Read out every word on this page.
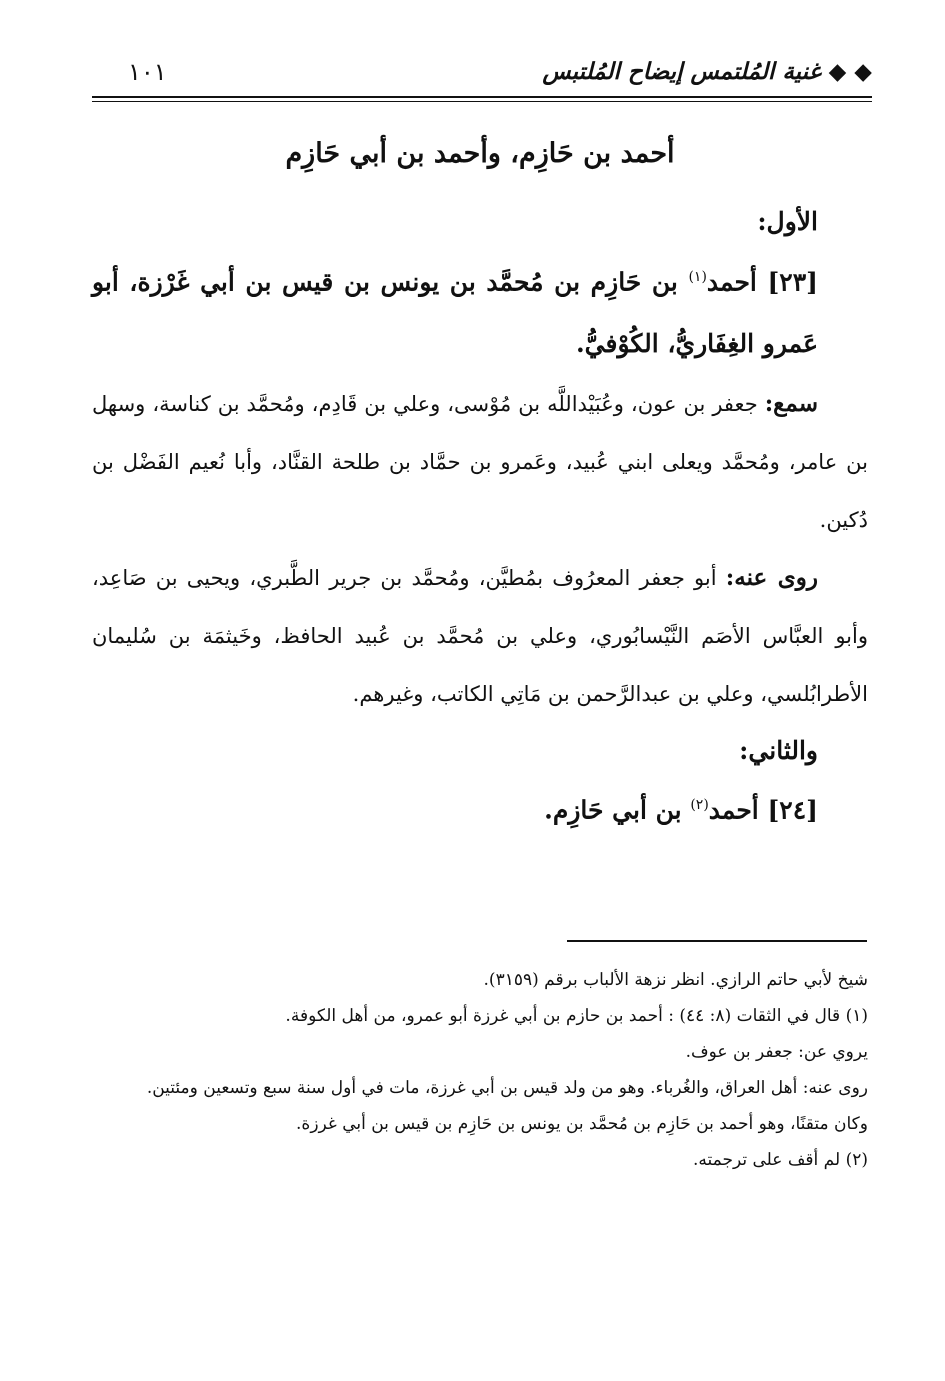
١٠١	◆ ◆ غنية المُلتمس إيضاح المُلتبس

أحمد بن حَازِم، وأحمد بن أبي حَازِم

الأول:

[٢٣] أحمد$^{(١)}$ بن حَازِم بن مُحمَّد بن يونس بن قيس بن أبي غَرْزة، أبو عَمرو الغِفَاريُّ، الكُوْفيُّ.

سمع: جعفر بن عون، وعُبَيْداللَّه بن مُوْسى، وعلي بن قَادِم، ومُحمَّد بن كناسة، وسهل بن عامر، ومُحمَّد ويعلى ابني عُبيد، وعَمرو بن حمَّاد بن طلحة القنَّاد، وأبا نُعيم الفَضْل بن دُكين.

روى عنه: أبو جعفر المعرُوف بمُطيَّن، ومُحمَّد بن جرير الطَّبري، ويحيى بن صَاعِد، وأبو العبَّاس الأصَم النَّيْسابُوري، وعلي بن مُحمَّد بن عُبيد الحافظ، وخَيثمَة بن سُليمان الأطرابُلسي، وعلي بن عبدالرَّحمن بن مَاتِي الكاتب، وغيرهم.

والثاني:

[٢٤] أحمد$^{(٢)}$ بن أبي حَازِم.

شيخ لأبي حاتم الرازي. انظر نزهة الألباب برقم (٣١٥٩).

(١) قال في الثقات (٨: ٤٤) : أحمد بن حازم بن أبي غرزة أبو عمرو، من أهل الكوفة.

يروي عن: جعفر بن عوف.

روى عنه: أهل العراق، والغُرباء. وهو من ولد قيس بن أبي غرزة، مات في أول سنة سبع وتسعين ومئتين.

وكان متقنًا، وهو أحمد بن حَازِم بن مُحمَّد بن يونس بن حَازِم بن قيس بن أبي غرزة.

(٢) لم أقف على ترجمته.
